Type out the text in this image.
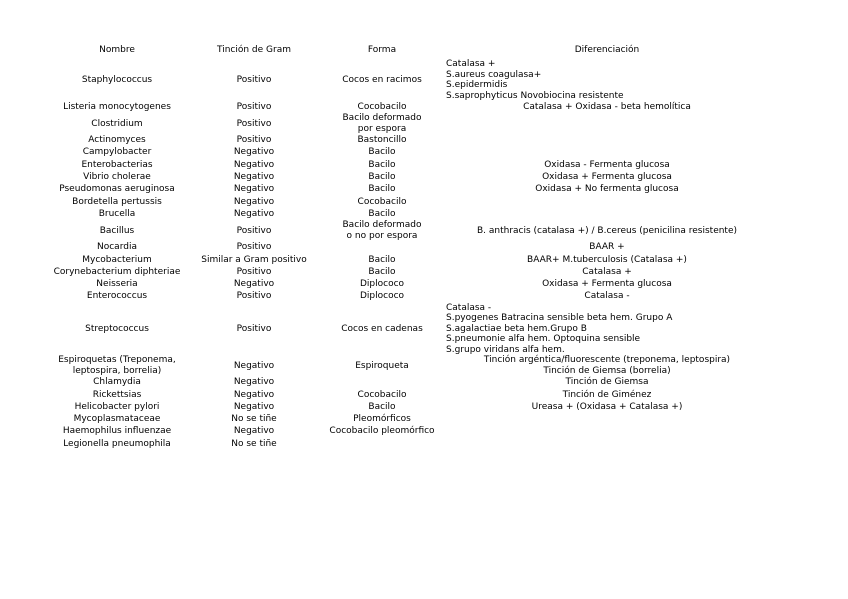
Nombre	Tinción de Gram	Forma	Diferenciación
Staphylococcus	Positivo	Cocos en racimos	Catalasa +
S.aureus coagulasa+
S.epidermidis
S.saprophyticus Novobiocina resistente
Listeria monocytogenes	Positivo	Cocobacilo	Catalasa + Oxidasa - beta hemolítica
Clostridium	Positivo	Bacilo deformado
por espora	
Actinomyces	Positivo	Bastoncillo	
Campylobacter	Negativo	Bacilo	
Enterobacterias	Negativo	Bacilo	Oxidasa - Fermenta glucosa
Vibrio cholerae	Negativo	Bacilo	Oxidasa + Fermenta glucosa
Pseudomonas aeruginosa	Negativo	Bacilo	Oxidasa + No fermenta glucosa
Bordetella pertussis	Negativo	Cocobacilo	
Brucella	Negativo	Bacilo	
Bacillus	Positivo	Bacilo deformado
o no por espora	B. anthracis (catalasa +) / B.cereus (penicilina resistente)
Nocardia	Positivo		BAAR +
Mycobacterium	Similar a Gram positivo	Bacilo	BAAR+ M.tuberculosis (Catalasa +)
Corynebacterium diphteriae	Positivo	Bacilo	Catalasa +
Neisseria	Negativo	Diplococo	Oxidasa + Fermenta glucosa
Enterococcus	Positivo	Diplococo	Catalasa -
Streptococcus	Positivo	Cocos en cadenas	Catalasa -
S.pyogenes Batracina sensible beta hem. Grupo A
S.agalactiae beta hem.Grupo B
S.pneumonie alfa hem. Optoquina sensible
S.grupo viridans alfa hem.
Espiroquetas (Treponema,
leptospira, borrelia)	Negativo	Espiroqueta	Tinción argéntica/fluorescente (treponema, leptospira)
Tinción de Giemsa (borrelia)
Chlamydia	Negativo		Tinción de Giemsa
Rickettsias	Negativo	Cocobacilo	Tinción de Giménez
Helicobacter pylori	Negativo	Bacilo	Ureasa + (Oxidasa + Catalasa +)
Mycoplasmataceae	No se tiñe	Pleomórficos	
Haemophilus influenzae	Negativo	Cocobacilo pleomórfico	
Legionella pneumophila	No se tiñe		
